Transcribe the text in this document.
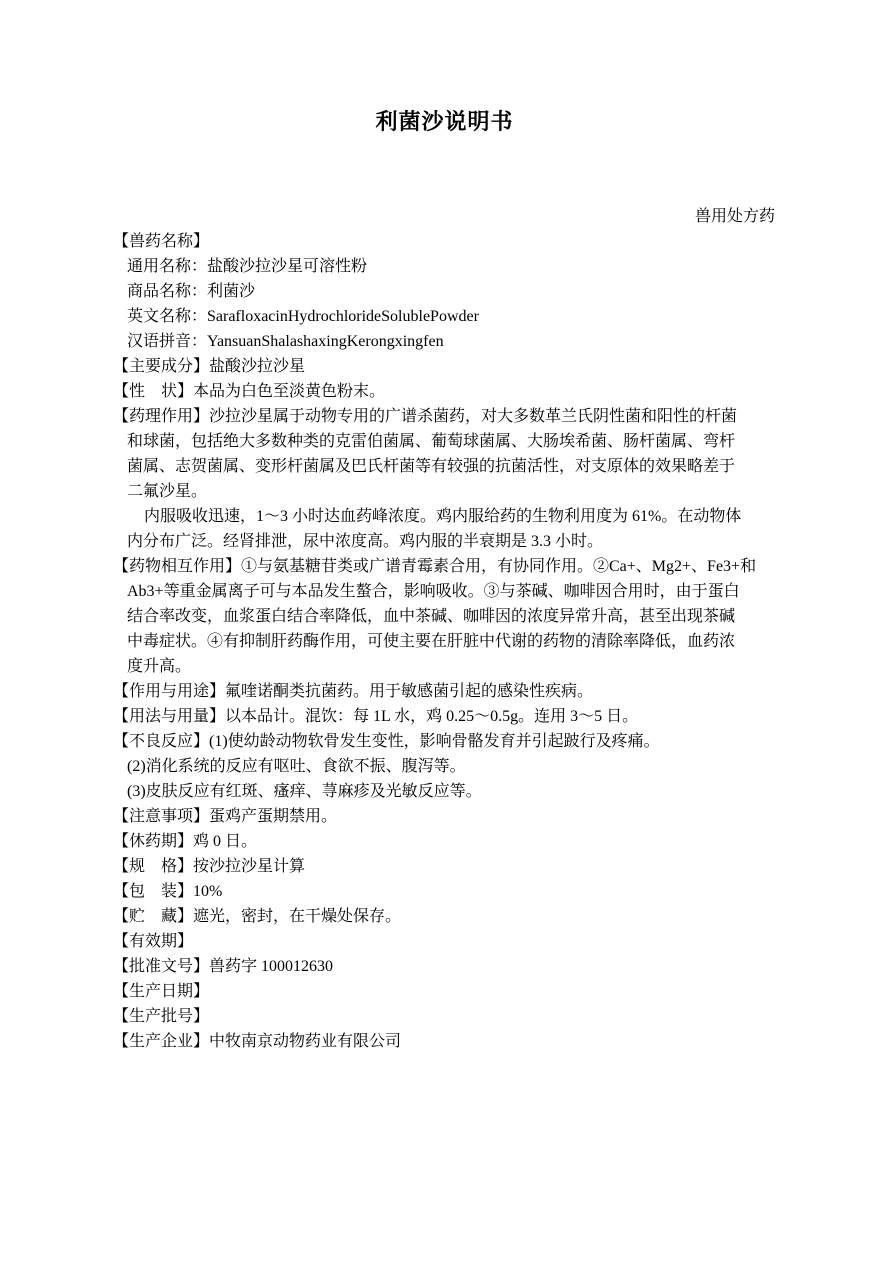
利菌沙说明书
兽用处方药
【兽药名称】
通用名称：盐酸沙拉沙星可溶性粉
商品名称：利菌沙
英文名称：SarafloxacinHydrochlorideSolublePowder
汉语拼音：YansuanShalashaxingKerongxingfen
【主要成分】盐酸沙拉沙星
【性　状】本品为白色至淡黄色粉末。
【药理作用】沙拉沙星属于动物专用的广谱杀菌药，对大多数革兰氏阴性菌和阳性的杆菌
和球菌，包括绝大多数种类的克雷伯菌属、葡萄球菌属、大肠埃希菌、肠杆菌属、弯杆
菌属、志贺菌属、变形杆菌属及巴氏杆菌等有较强的抗菌活性，对支原体的效果略差于
二氟沙星。
内服吸收迅速，1～3 小时达血药峰浓度。鸡内服给药的生物利用度为 61%。在动物体
内分布广泛。经肾排泄，尿中浓度高。鸡内服的半衰期是 3.3 小时。
【药物相互作用】①与氨基糖苷类或广谱青霉素合用，有协同作用。②Ca+、Mg2+、Fe3+和
Ab3+等重金属离子可与本品发生螯合，影响吸收。③与茶碱、咖啡因合用时，由于蛋白
结合率改变，血浆蛋白结合率降低，血中茶碱、咖啡因的浓度异常升高，甚至出现茶碱
中毒症状。④有抑制肝药酶作用，可使主要在肝脏中代谢的药物的清除率降低，血药浓
度升高。
【作用与用途】氟喹诺酮类抗菌药。用于敏感菌引起的感染性疾病。
【用法与用量】以本品计。混饮：每 1L 水，鸡 0.25～0.5g。连用 3～5 日。
【不良反应】(1)使幼龄动物软骨发生变性，影响骨骼发育并引起跛行及疼痛。
(2)消化系统的反应有呕吐、食欲不振、腹泻等。
(3)皮肤反应有红斑、瘙痒、荨麻疹及光敏反应等。
【注意事项】蛋鸡产蛋期禁用。
【休药期】鸡 0 日。
【规　格】按沙拉沙星计算
【包　装】10%
【贮　藏】遮光，密封，在干燥处保存。
【有效期】
【批准文号】兽药字 100012630
【生产日期】
【生产批号】
【生产企业】中牧南京动物药业有限公司
